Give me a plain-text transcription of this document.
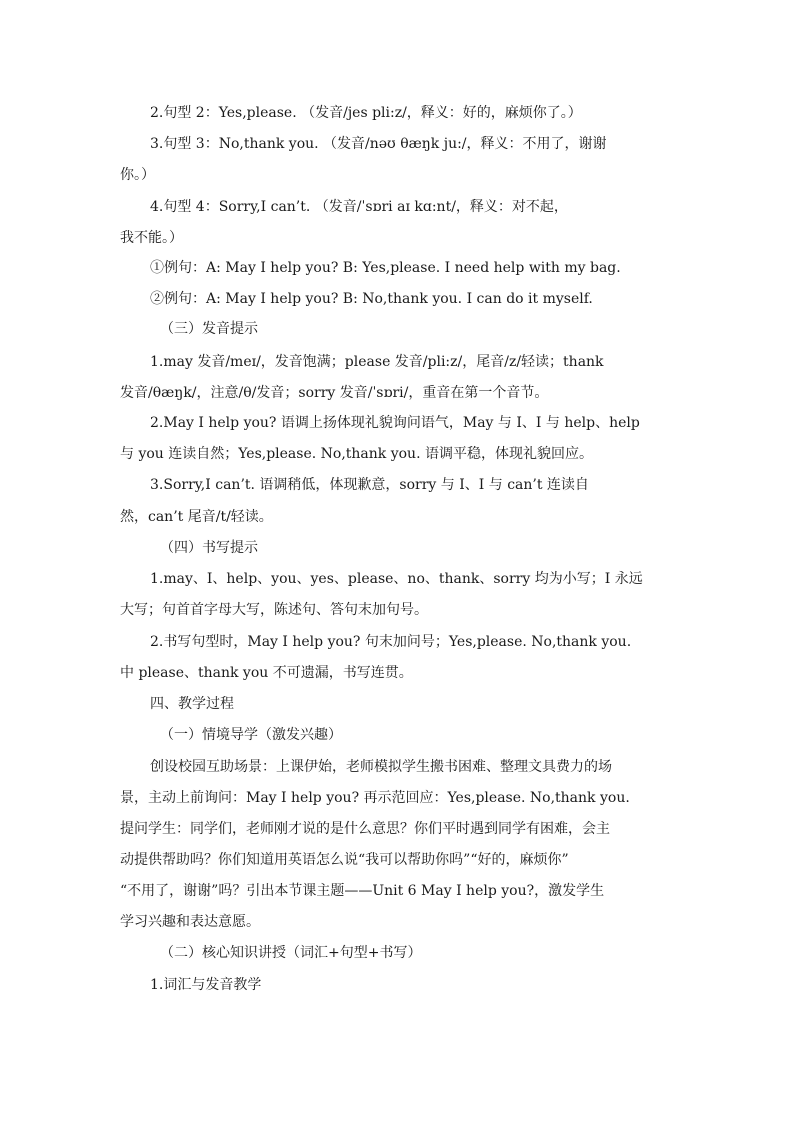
2.句型 2：Yes,please. （发音/jes pli:z/，释义：好的，麻烦你了。）
3.句型 3：No,thank you. （发音/nəʊ θæŋk ju:/，释义：不用了，谢谢
你。）
4.句型 4：Sorry,I can’t. （发音/ˈsɒri aɪ kɑ:nt/，释义：对不起，
我不能。）
①例句：A: May I help you? B: Yes,please. I need help with my bag.
②例句：A: May I help you? B: No,thank you. I can do it myself.
（三）发音提示
1.may 发音/meɪ/，发音饱满；please 发音/pli:z/，尾音/z/轻读；thank
发音/θæŋk/，注意/θ/发音；sorry 发音/ˈsɒri/，重音在第一个音节。
2.May I help you? 语调上扬体现礼貌询问语气，May 与 I、I 与 help、help
与 you 连读自然；Yes,please. No,thank you. 语调平稳，体现礼貌回应。
3.Sorry,I can’t. 语调稍低，体现歉意，sorry 与 I、I 与 can’t 连读自
然，can’t 尾音/t/轻读。
（四）书写提示
1.may、I、help、you、yes、please、no、thank、sorry 均为小写；I 永远
大写；句首首字母大写，陈述句、答句末加句号。
2.书写句型时，May I help you? 句末加问号；Yes,please. No,thank you.
中 please、thank you 不可遗漏，书写连贯。
四、教学过程
（一）情境导学（激发兴趣）
创设校园互助场景：上课伊始，老师模拟学生搬书困难、整理文具费力的场
景，主动上前询问：May I help you? 再示范回应：Yes,please. No,thank you.
提问学生：同学们，老师刚才说的是什么意思？你们平时遇到同学有困难，会主
动提供帮助吗？你们知道用英语怎么说“我可以帮助你吗”“好的，麻烦你”
“不用了，谢谢”吗？引出本节课主题——Unit 6 May I help you?，激发学生
学习兴趣和表达意愿。
（二）核心知识讲授（词汇+句型+书写）
1.词汇与发音教学
